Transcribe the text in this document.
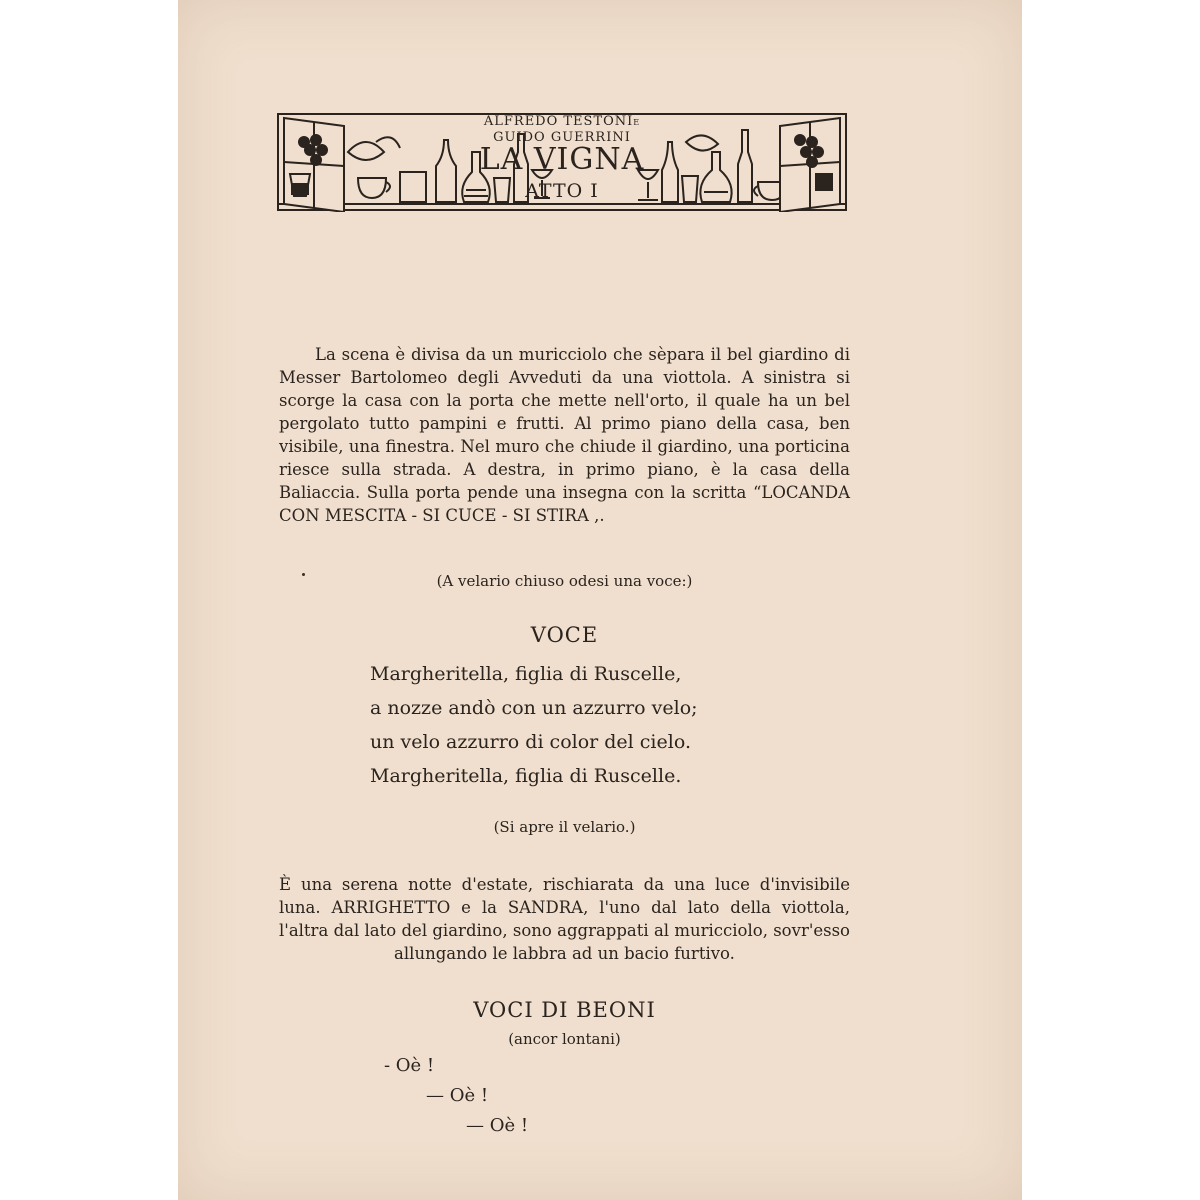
ALFREDO TESTONIE
GUIDO GUERRINI
LA VIGNA
ATTO I

La scena è divisa da un muricciolo che sèpara il bel giardino di Messer Bartolomeo degli Avveduti da una viottola. A sinistra si scorge la casa con la porta che mette nell'orto, il quale ha un bel pergolato tutto pampini e frutti. Al primo piano della casa, ben visibile, una finestra. Nel muro che chiude il giardino, una porticina riesce sulla strada. A destra, in primo piano, è la casa della Baliaccia. Sulla porta pende una insegna con la scritta “LOCANDA CON MESCITA - SI CUCE - SI STIRA ,.

(A velario chiuso odesi una voce:)
VOCE
Margheritella, figlia di Ruscelle,
a nozze andò con un azzurro velo;
un velo azzurro di color del cielo.
Margheritella, figlia di Ruscelle.
(Si apre il velario.)
È una serena notte d'estate, rischiarata da una luce d'invisibile luna. ARRIGHETTO e la SANDRA, l'uno dal lato della viottola, l'altra dal lato del giardino, sono aggrappati al muricciolo, sovr'esso allungando le labbra ad un bacio furtivo.
VOCI DI BEONI
(ancor lontani)
- Oè !
— Oè !
— Oè !
